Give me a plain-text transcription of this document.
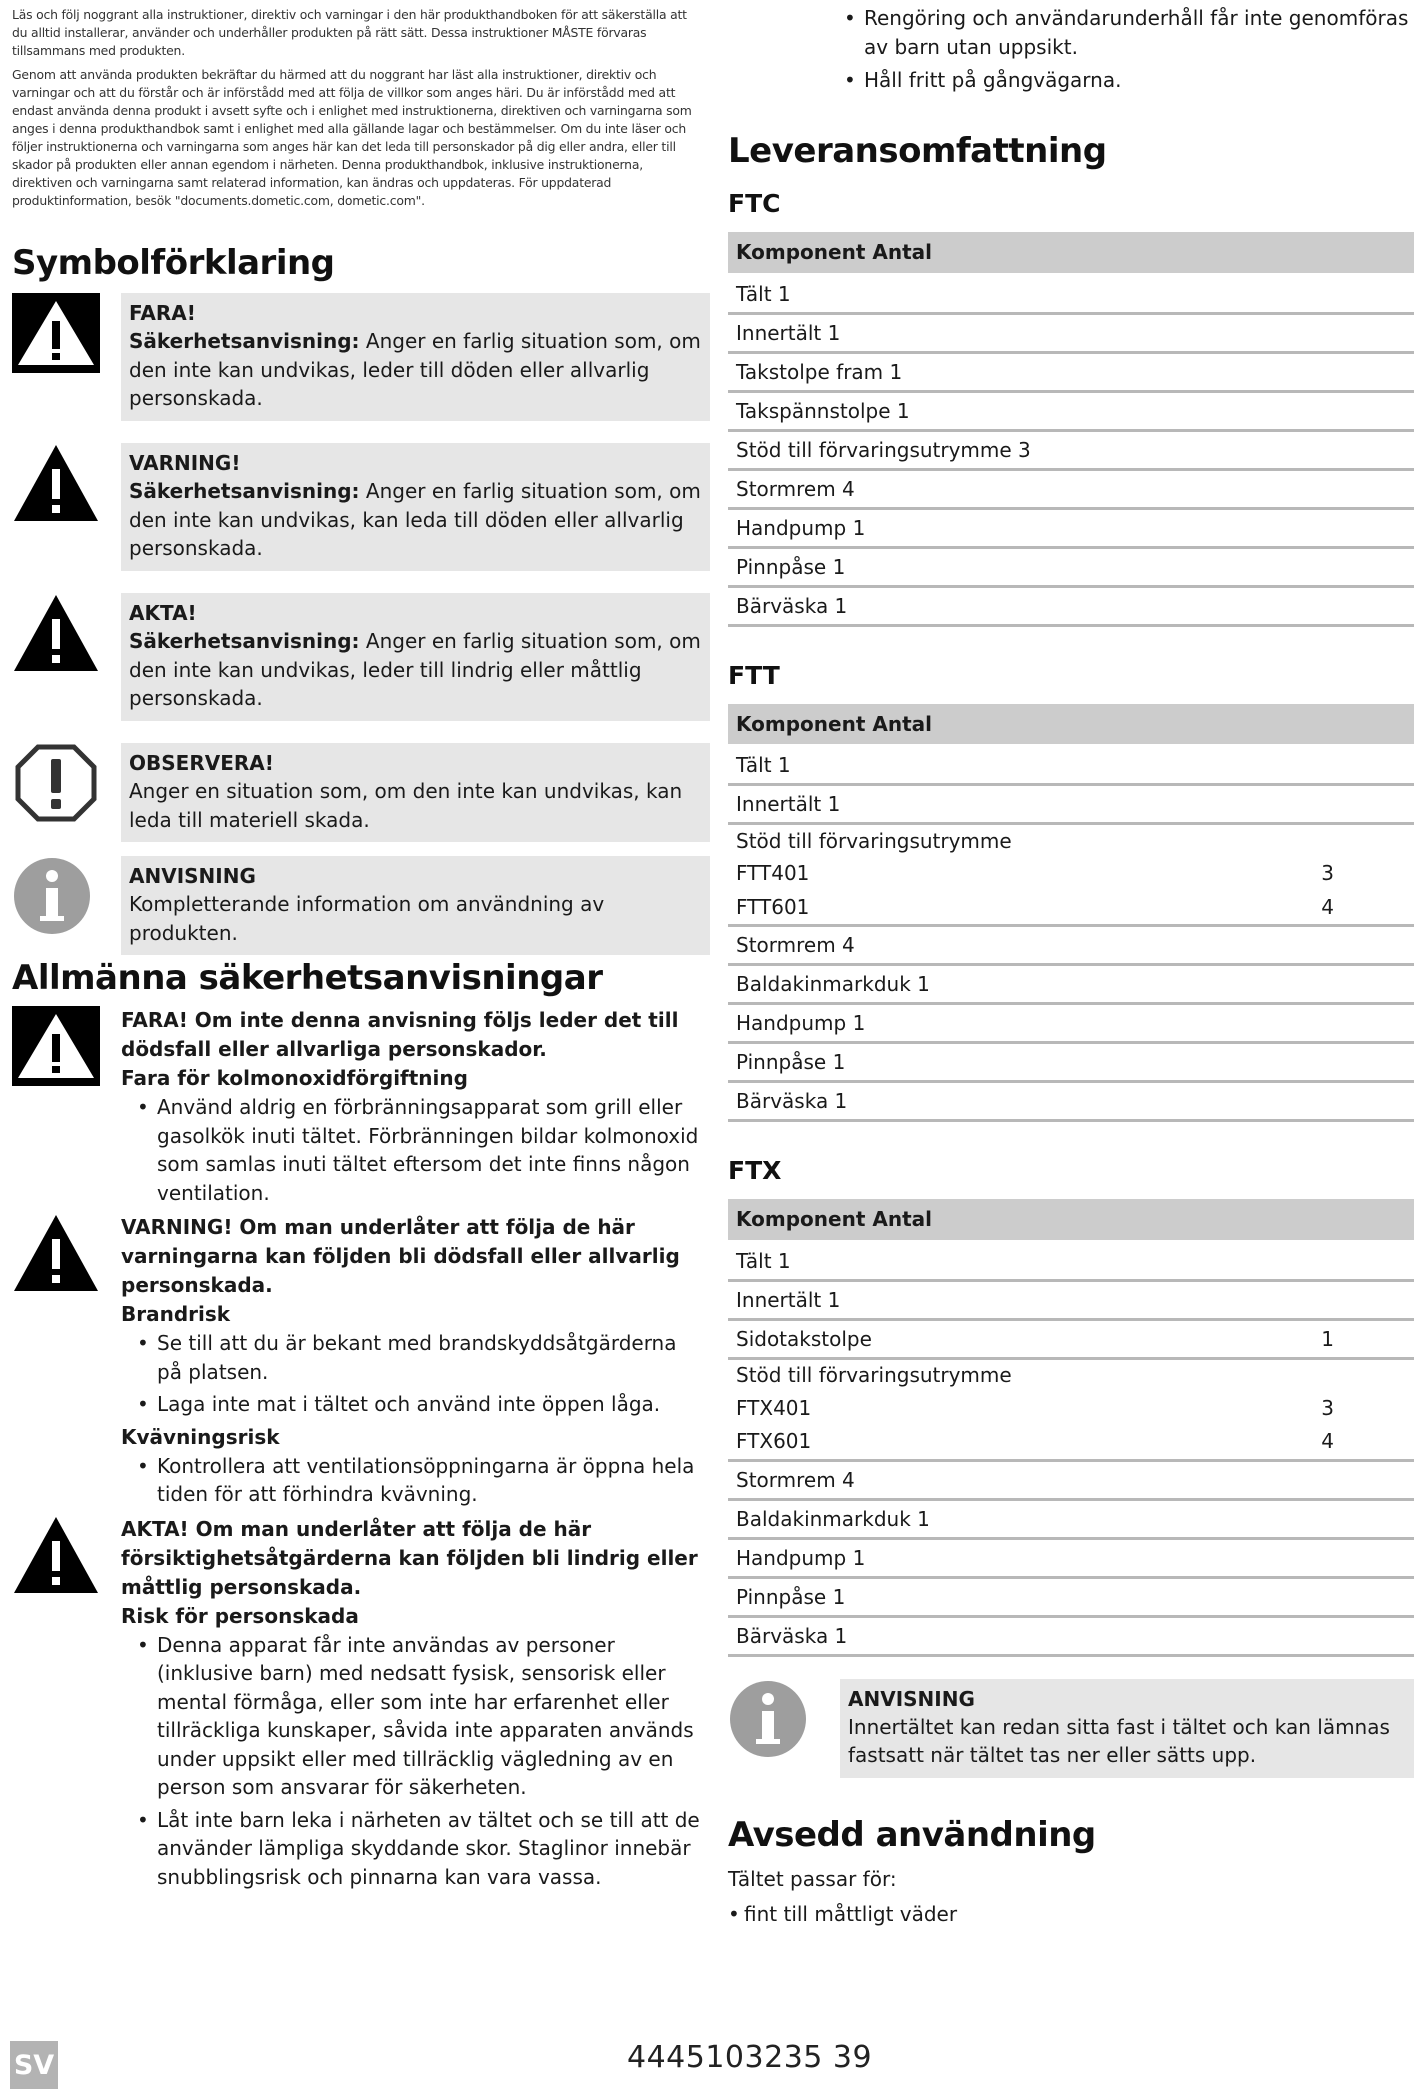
Läs och följ noggrant alla instruktioner, direktiv och varningar i den här produkthandboken för att säkerställa att du alltid installerar, använder och underhåller produkten på rätt sätt. Dessa instruktioner MÅSTE förvaras tillsammans med produkten.

Genom att använda produkten bekräftar du härmed att du noggrant har läst alla instruktioner, direktiv och varningar och att du förstår och är införstådd med att följa de villkor som anges häri. Du är införstådd med att endast använda denna produkt i avsett syfte och i enlighet med instruktionerna, direktiven och varningarna som anges i denna produkthandbok samt i enlighet med alla gällande lagar och bestämmelser. Om du inte läser och följer instruktionerna och varningarna som anges här kan det leda till personskador på dig eller andra, eller till skador på produkten eller annan egendom i närheten. Denna produkthandbok, inklusive instruktionerna, direktiven och varningarna samt relaterad information, kan ändras och uppdateras. För uppdaterad produktinformation, besök "documents.dometic.com, dometic.com".

Symbolförklaring
FARA!
Säkerhetsanvisning: Anger en farlig situation som, om den inte kan undvikas, leder till döden eller allvarlig personskada.
VARNING!
Säkerhetsanvisning: Anger en farlig situation som, om den inte kan undvikas, kan leda till döden eller allvarlig personskada.
AKTA!
Säkerhetsanvisning: Anger en farlig situation som, om den inte kan undvikas, leder till lindrig eller måttlig personskada.
OBSERVERA!
Anger en situation som, om den inte kan undvikas, kan leda till materiell skada.
ANVISNING
Kompletterande information om användning av produkten.
Allmänna säkerhetsanvisningar
FARA! Om inte denna anvisning följs leder det till dödsfall eller allvarliga personskador.
Fara för kolmonoxidförgiftning
• Använd aldrig en förbränningsapparat som grill eller gasolkök inuti tältet. Förbränningen bildar kolmonoxid som samlas inuti tältet eftersom det inte finns någon ventilation.
VARNING! Om man underlåter att följa de här varningarna kan följden bli dödsfall eller allvarlig personskada.
Brandrisk
• Se till att du är bekant med brandskyddsåtgärderna på platsen.
• Laga inte mat i tältet och använd inte öppen låga.
Kvävningsrisk
• Kontrollera att ventilationsöppningarna är öppna hela tiden för att förhindra kvävning.
AKTA! Om man underlåter att följa de här försiktighetsåtgärderna kan följden bli lindrig eller måttlig personskada.
Risk för personskada
• Denna apparat får inte användas av personer (inklusive barn) med nedsatt fysisk, sensorisk eller mental förmåga, eller som inte har erfarenhet eller tillräckliga kunskaper, såvida inte apparaten används under uppsikt eller med tillräcklig vägledning av en person som ansvarar för säkerheten.
• Låt inte barn leka i närheten av tältet och se till att de använder lämpliga skyddande skor. Staglinor innebär snubblingsrisk och pinnarna kan vara vassa.
• Rengöring och användarunderhåll får inte genomföras av barn utan uppsikt.
• Håll fritt på gångvägarna.
Leveransomfattning
FTC
Komponent Antal
Tält 1
Innertält 1
Takstolpe fram 1
Takspännstolpe 1
Stöd till förvaringsutrymme 3
Stormrem 4
Handpump 1
Pinnpåse 1
Bärväska 1
FTT
Komponent Antal	
Tält 1	
Innertält 1	
Stöd till förvaringsutrymme	
FTT401	3
FTT601	4
Stormrem 4	
Baldakinmarkduk 1	
Handpump 1	
Pinnpåse 1	
Bärväska 1	
FTX
Komponent Antal	
Tält 1	
Innertält 1	
Sidotakstolpe	1
Stöd till förvaringsutrymme	
FTX401	3
FTX601	4
Stormrem 4	
Baldakinmarkduk 1	
Handpump 1	
Pinnpåse 1	
Bärväska 1	
ANVISNING
Innertältet kan redan sitta fast i tältet och kan lämnas fastsatt när tältet tas ner eller sätts upp.
Avsedd användning
Tältet passar för:
• fint till måttligt väder
SV	4445103235 39
